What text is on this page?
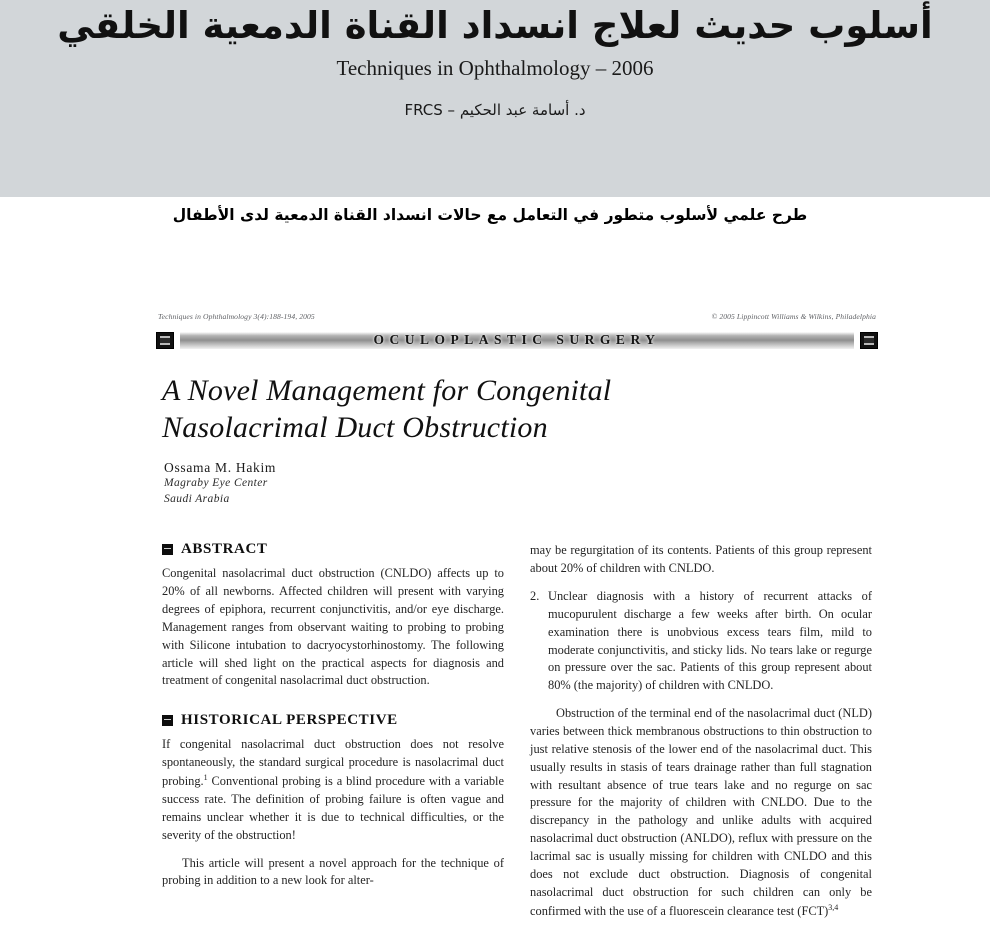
أسلوب حديث لعلاج انسداد القناة الدمعية الخلقي
Techniques in Ophthalmology – 2006
د. أسامة عبد الحكيم – FRCS
طرح علمي لأسلوب متطور في التعامل مع حالات انسداد القناة الدمعية لدى الأطفال
Techniques in Ophthalmology 3(4):188-194, 2005	© 2005 Lippincott Williams & Wilkins, Philadelphia
OCULOPLASTIC SURGERY
A Novel Management for Congenital Nasolacrimal Duct Obstruction
Ossama M. Hakim
Magraby Eye Center
Saudi Arabia
ABSTRACT

Congenital nasolacrimal duct obstruction (CNLDO) affects up to 20% of all newborns. Affected children will present with varying degrees of epiphora, recurrent conjunctivitis, and/or eye discharge. Management ranges from observant waiting to probing to probing with Silicone intubation to dacryocystorhinostomy. The following article will shed light on the practical aspects for diagnosis and treatment of congenital nasolacrimal duct obstruction.

HISTORICAL PERSPECTIVE

If congenital nasolacrimal duct obstruction does not resolve spontaneously, the standard surgical procedure is nasolacrimal duct probing.$^1$ Conventional probing is a blind procedure with a variable success rate. The definition of probing failure is often vague and remains unclear whether it is due to technical difficulties, or the severity of the obstruction!

This article will present a novel approach for the technique of probing in addition to a new look for alter-

may be regurgitation of its contents. Patients of this group represent about 20% of children with CNLDO.

2. Unclear diagnosis with a history of recurrent attacks of mucopurulent discharge a few weeks after birth. On ocular examination there is unobvious excess tears film, mild to moderate conjunctivitis, and sticky lids. No tears lake or regurge on pressure over the sac. Patients of this group represent about 80% (the majority) of children with CNLDO.

Obstruction of the terminal end of the nasolacrimal duct (NLD) varies between thick membranous obstructions to thin obstruction to just relative stenosis of the lower end of the nasolacrimal duct. This usually results in stasis of tears drainage rather than full stagnation with resultant absence of true tears lake and no regurge on sac pressure for the majority of children with CNLDO. Due to the discrepancy in the pathology and unlike adults with acquired nasolacrimal duct obstruction (ANLDO), reflux with pressure on the lacrimal sac is usually missing for children with CNLDO and this does not exclude duct obstruction. Diagnosis of congenital nasolacrimal duct obstruction for such children can only be confirmed with the use of a fluorescein clearance test (FCT)$^{3,4}$
